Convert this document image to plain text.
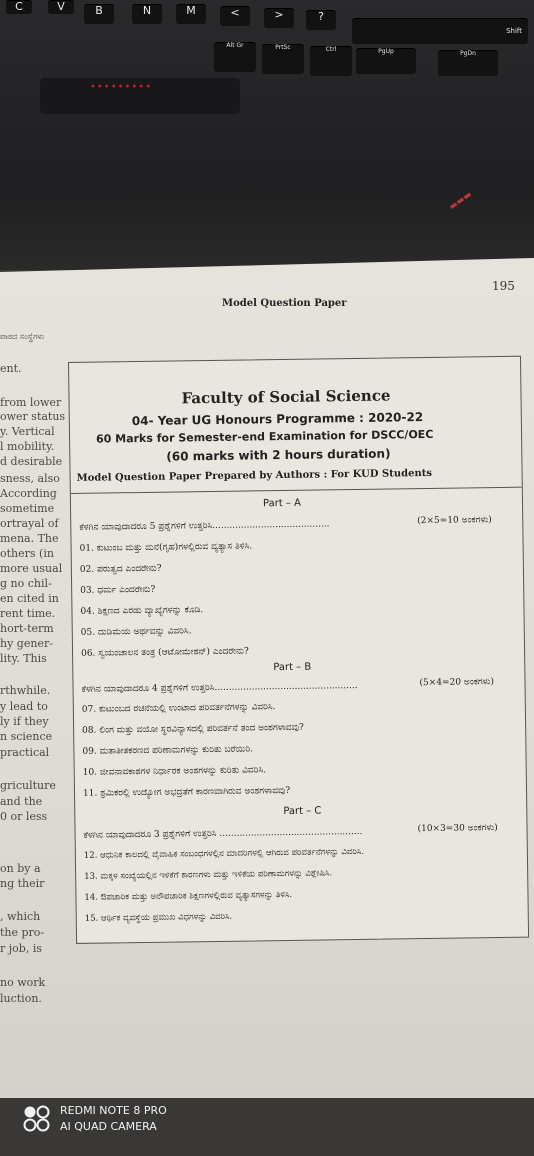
C	V	B	N	M	<	>	?
Shift
Alt Gr	PrtSc	Ctrl	PgUp	PgDn
•••••••••
▬▬▬
ಪಾಠದ ಸಂಸ್ಥೆಗಳು
ent.
from lower
ower status
y. Vertical
l mobility.
d desirable
sness, also
According
sometime
ortrayal of
mena. The
others (in
more usual
g no chil-
en cited in
rent time.
hort-term
hy gener-
lity. This
rthwhile.
y lead to
ly if they
n science
practical
griculture
and the
0 or less
on by a
ng their
, which
the pro-
r job, is
no work
luction.
195
Model Question Paper
Faculty of Social Science
04- Year UG Honours Programme : 2020-22
60 Marks for Semester-end Examination for DSCC/OEC
(60 marks with 2 hours duration)
Model Question Paper Prepared by Authors : For KUD Students
Part – A
ಕೆಳಗಿನ ಯಾವುದಾದರೂ 5 ಪ್ರಶ್ನೆಗಳಿಗೆ ಉತ್ತರಿಸಿ.........................................	(2×5=10 ಅಂಕಗಳು)
01. ಕುಟುಂಬ ಮತ್ತು ಮನೆ(ಗೃಹ)ಗಳಲ್ಲಿರುವ ವ್ಯತ್ಯಾಸ ತಿಳಿಸಿ.
02. ಪರುತ್ವದ ಎಂದರೇನು?
03. ಧರ್ಮ ಎಂದರೇನು?
04. ಶಿಕ್ಷಣದ ಎರಡು ವ್ಯಾಖ್ಯೆಗಳನ್ನು ಕೊಡಿ.
05. ದುಡಿಮೆಯ ಅರ್ಥವನ್ನು ವಿವರಿಸಿ.
06. ಸ್ವಯಂಚಾಲನ ತಂತ್ರ (ಆಟೋಮೇಶನ್) ಎಂದರೇನು?
Part – B
ಕೆಳಗಿನ ಯಾವುದಾದರೂ 4 ಪ್ರಶ್ನೆಗಳಿಗೆ ಉತ್ತರಿಸಿ..................................................	(5×4=20 ಅಂಕಗಳು)
07. ಕುಟುಂಬದ ರಚನೆಯಲ್ಲಿ ಉಂಟಾದ ಪರಿವರ್ತನೆಗಳನ್ನು ವಿವರಿಸಿ.
08. ಲಿಂಗ ಮತ್ತು ವಯೋ ಸ್ಥರವಿನ್ಯಾಸದಲ್ಲಿ ಪರಿವರ್ತನೆ ತಂದ ಅಂಶಗಳಾವವು?
09. ಮತಾತೀತಕರಣದ ಪರಿಣಾಮಗಳನ್ನು ಕುರಿತು ಬರೆಯಿರಿ.
10. ಜೀವನಾವಕಾಶಗಳ ನಿರ್ಧಾರಕ ಅಂಶಗಳನ್ನು ಕುರಿತು ವಿವರಿಸಿ.
11. ಶ್ರಮಿಕರಲ್ಲಿ ಉದ್ಯೋಗ ಅಭದ್ರತೆಗೆ ಕಾರಣವಾಗಿರುವ ಅಂಶಗಳಾವವು?
Part – C
ಕೆಳಗಿನ ಯಾವುದಾದರೂ 3 ಪ್ರಶ್ನೆಗಳಿಗೆ ಉತ್ತರಿಸಿ ..................................................	(10×3=30 ಅಂಕಗಳು)
12. ಆಧುನಿಕ ಕಾಲದಲ್ಲಿ ವೈವಾಹಿಕ ಸಂಬಂಧಗಳಲ್ಲಿನ ಮಾದರಿಗಳಲ್ಲಿ ಆಗಿರುವ ಪರಿವರ್ತನೆಗಳನ್ನು ವಿವರಿಸಿ.
13. ಮಕ್ಕಳ ಸಂಖ್ಯೆಯಲ್ಲಿನ ಇಳಿಕೆಗೆ ಕಾರಣಗಳು ಮತ್ತು ಇಳಿಕೆಯ ಪರಿಣಾಮಗಳನ್ನು ವಿಶ್ಲೇಷಿಸಿ.
14. ಔಪಚಾರಿಕ ಮತ್ತು ಅನೌಪಚಾರಿಕ ಶಿಕ್ಷಣಗಳಲ್ಲಿರುವ ವ್ಯತ್ಯಾಸಗಳನ್ನು ತಿಳಿಸಿ.
15. ಆರ್ಥಿಕ ವ್ಯವಸ್ಥೆಯ ಪ್ರಮುಖ ವಿಧಗಳನ್ನು ವಿವರಿಸಿ.
REDMI NOTE 8 PRO
AI QUAD CAMERA
